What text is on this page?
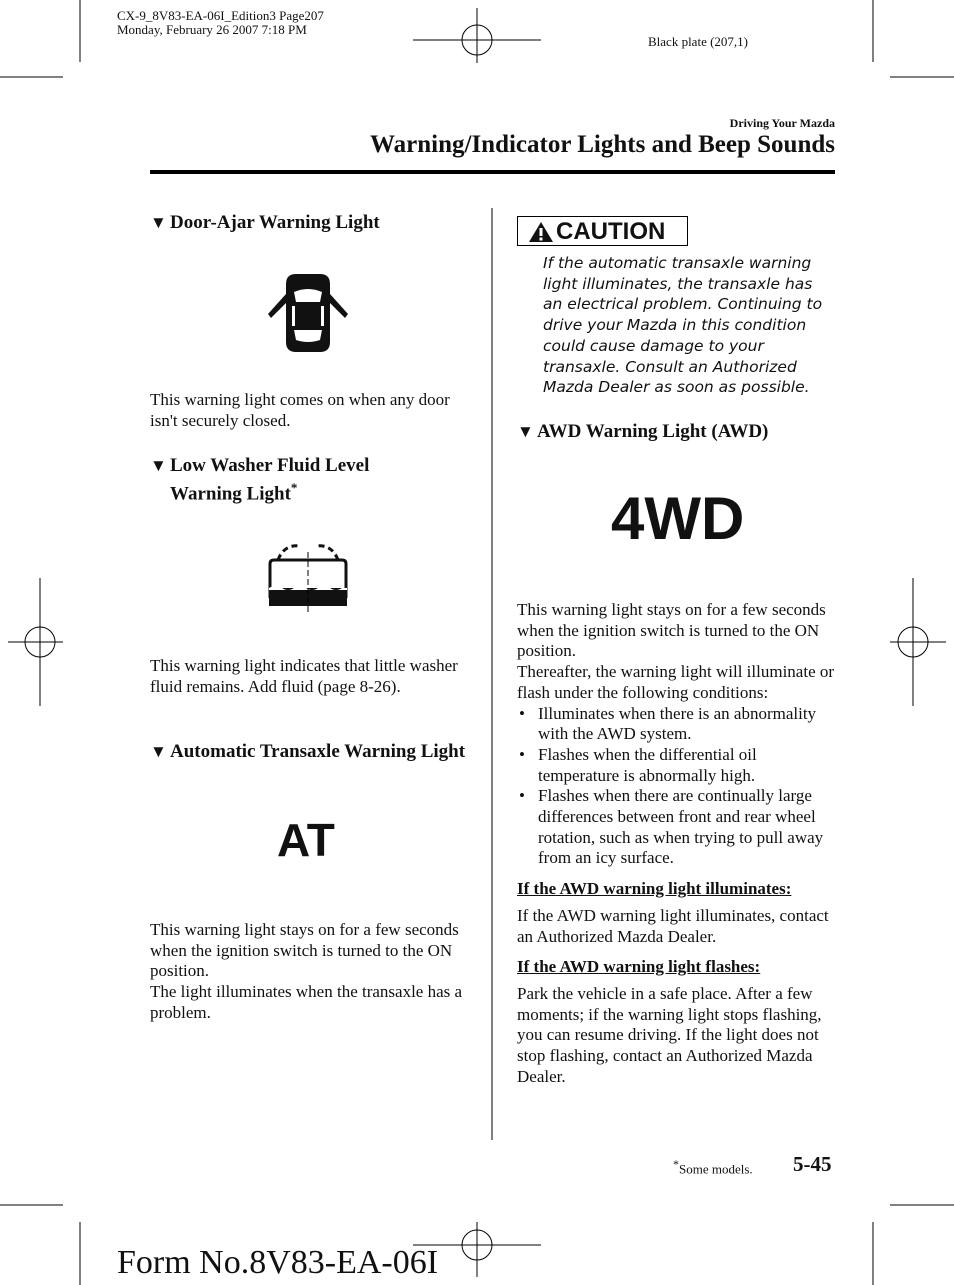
CX-9_8V83-EA-06I_Edition3 Page207
Monday, February 26 2007 7:18 PM
Black plate (207,1)
Driving Your Mazda
Warning/Indicator Lights and Beep Sounds
▼ Door-Ajar Warning Light
This warning light comes on when any door isn't securely closed.
▼ Low Washer Fluid Level
Warning Light*
This warning light indicates that little washer fluid remains. Add fluid (page 8-26).
▼ Automatic Transaxle Warning Light
AT
This warning light stays on for a few seconds when the ignition switch is turned to the ON position.
The light illuminates when the transaxle has a problem.
CAUTION
If the automatic transaxle warning light illuminates, the transaxle has an electrical problem. Continuing to drive your Mazda in this condition could cause damage to your transaxle. Consult an Authorized Mazda Dealer as soon as possible.
▼ AWD Warning Light (AWD)
4WD
This warning light stays on for a few seconds when the ignition switch is turned to the ON position.
Thereafter, the warning light will illuminate or flash under the following conditions:
• Illuminates when there is an abnormality with the AWD system.
• Flashes when the differential oil temperature is abnormally high.
• Flashes when there are continually large differences between front and rear wheel rotation, such as when trying to pull away from an icy surface.
If the AWD warning light illuminates:
If the AWD warning light illuminates, contact an Authorized Mazda Dealer.
If the AWD warning light flashes:
Park the vehicle in a safe place. After a few moments; if the warning light stops flashing, you can resume driving. If the light does not stop flashing, contact an Authorized Mazda Dealer.
*Some models. 5-45
Form No.8V83-EA-06I
